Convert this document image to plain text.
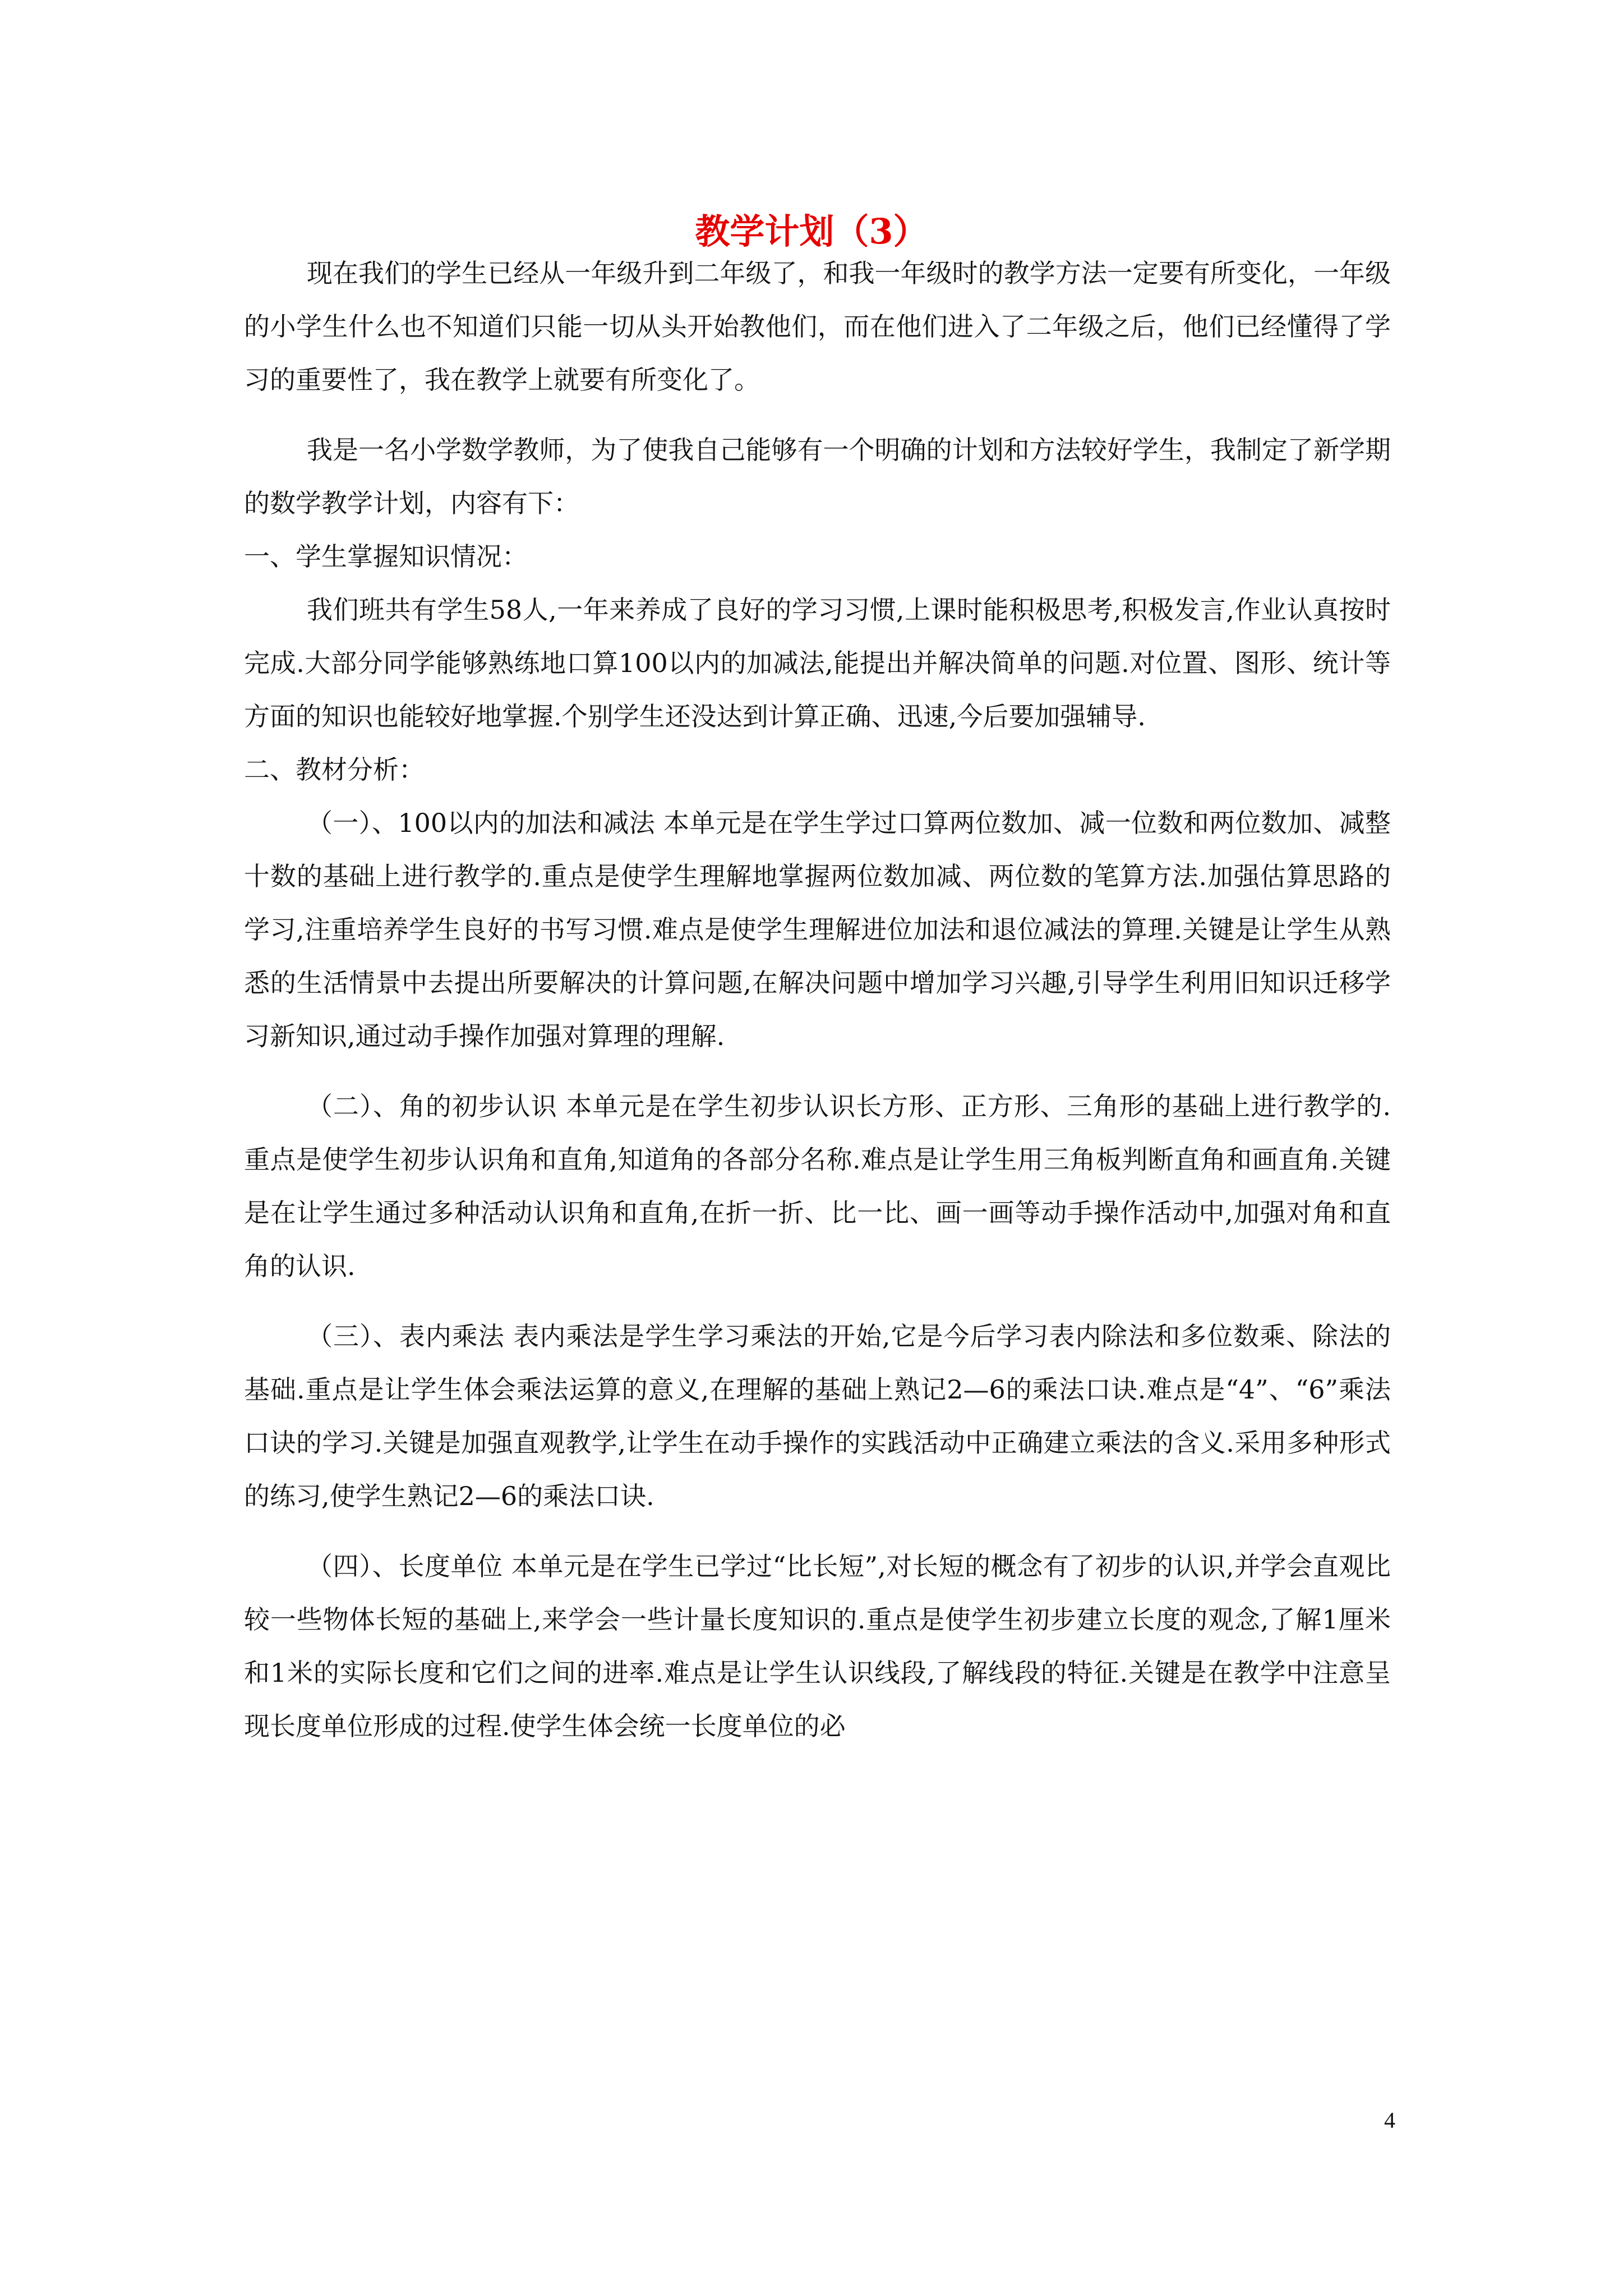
教学计划（3）

现在我们的学生已经从一年级升到二年级了，和我一年级时的教学方法一定要有所变化，一年级的小学生什么也不知道们只能一切从头开始教他们，而在他们进入了二年级之后，他们已经懂得了学习的重要性了，我在教学上就要有所变化了。

我是一名小学数学教师，为了使我自己能够有一个明确的计划和方法较好学生，我制定了新学期的数学教学计划，内容有下：

一、学生掌握知识情况：

我们班共有学生58人,一年来养成了良好的学习习惯,上课时能积极思考,积极发言,作业认真按时完成.大部分同学能够熟练地口算100以内的加减法,能提出并解决简单的问题.对位置、图形、统计等方面的知识也能较好地掌握.个别学生还没达到计算正确、迅速,今后要加强辅导.

二、教材分析：

（一）、100以内的加法和减法 本单元是在学生学过口算两位数加、减一位数和两位数加、减整十数的基础上进行教学的.重点是使学生理解地掌握两位数加减、两位数的笔算方法.加强估算思路的学习,注重培养学生良好的书写习惯.难点是使学生理解进位加法和退位减法的算理.关键是让学生从熟悉的生活情景中去提出所要解决的计算问题,在解决问题中增加学习兴趣,引导学生利用旧知识迁移学习新知识,通过动手操作加强对算理的理解.

（二）、角的初步认识 本单元是在学生初步认识长方形、正方形、三角形的基础上进行教学的.重点是使学生初步认识角和直角,知道角的各部分名称.难点是让学生用三角板判断直角和画直角.关键是在让学生通过多种活动认识角和直角,在折一折、比一比、画一画等动手操作活动中,加强对角和直角的认识.

（三）、表内乘法 表内乘法是学生学习乘法的开始,它是今后学习表内除法和多位数乘、除法的基础.重点是让学生体会乘法运算的意义,在理解的基础上熟记2—6的乘法口诀.难点是“4”、“6”乘法口诀的学习.关键是加强直观教学,让学生在动手操作的实践活动中正确建立乘法的含义.采用多种形式的练习,使学生熟记2—6的乘法口诀.

（四）、长度单位 本单元是在学生已学过“比长短”,对长短的概念有了初步的认识,并学会直观比较一些物体长短的基础上,来学会一些计量长度知识的.重点是使学生初步建立长度的观念,了解1厘米和1米的实际长度和它们之间的进率.难点是让学生认识线段,了解线段的特征.关键是在教学中注意呈现长度单位形成的过程.使学生体会统一长度单位的必

4
